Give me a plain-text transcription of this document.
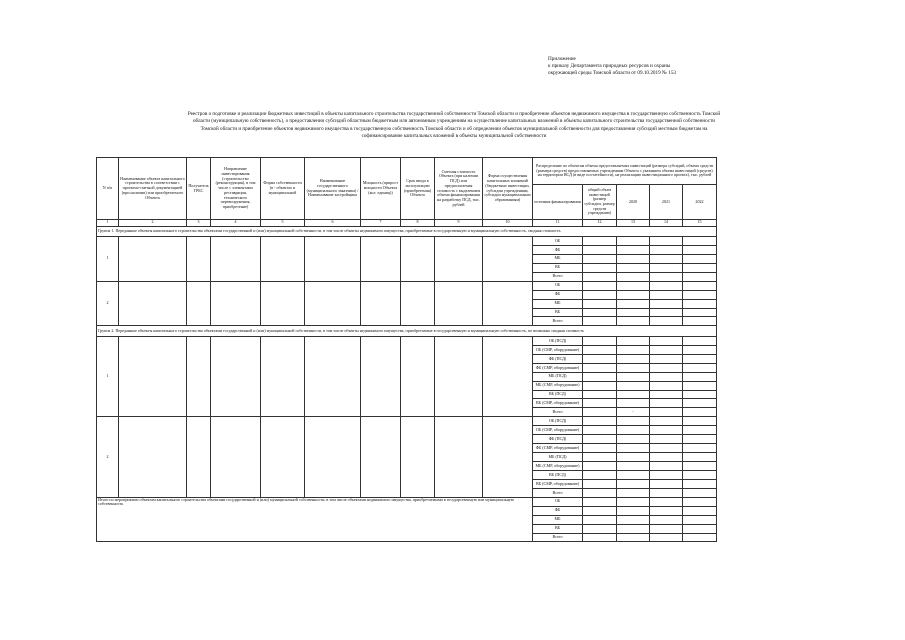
Приложение
к приказу Департамента природных ресурсов и охраны
окружающей среды Томской области от 09.10.2019 № 153
Реестров о подготовке и реализации бюджетных инвестиций в объекты капитального строительства государственной собственности Томской области и приобретение объектов недвижимого имущества в государственную собственность Томской
области (муниципальную собственность), о предоставлении субсидий областным бюджетным или автономным учреждениям на осуществление капитальных вложений в объекты капитального строительства государственной собственности
Томской области и приобретение объектов недвижимого имущества в государственную собственность Томской области и об определении объектов муниципальной собственности для предоставления субсидий местным бюджетам на
софинансирование капитальных вложений в объекты муниципальной собственности
N п/п	Наименование объекта капитального строительства в соответствии с проектно-сметной документацией (при наличии) или приобретаемого Объекта	Получатель ГРБС	Направление инвестирования (строительство (реконструкция), в том числе с элементами реставрации, технического перевооружения, приобретение)	Форма собственности (в - объектах и муниципальной	Наименование государственного (муниципального заказчика) / Наименование застройщика	Мощность (прирост мощности Объекта (кол. единиц))	Срок ввода в эксплуатацию (приобретения) Объекта	Сметная стоимость Объекта (при наличии ПСД) или предполагаемая стоимость с выделением объема финансирования на разработку ПСД, тыс. рублей	Форма осуществления капитальных вложений (бюджетные инвестиции, субсидии учреждениям, субсидии муниципальным образованиям)	Распределение по объектам объема предоставляемых инвестиций (размера субсидий, объема средств (размера средств) предоставляемых учреждениям Объекта с указанием объема инвестиций (средств) на территории ВСД (в виде постатейности), на реализацию инвестиционного проекта), тыс. рублей				
										источник финансирования	общий объем инвестиций (размер субсидии, размер средств учреждению)	2020	2021	2022

1	2	3	4	5	6	7	8	9	10	11	12	13	14	15
Группа 1. Переданные объекты капитального строительства объектами государственной и (или) муниципальной собственности, в том числе объекты недвижимого имущества, приобретаемые в государственную и муниципальную собственность, сводная стоимость														
1										ОБ				
										ФБ				
										МБ				
										ВБ				
										Всего				
2										ОБ				
										ФБ				
										МБ				
										ВБ				
										Всего				
Группа 2. Переданные объекты капитального строительства объектами государственной и (или) муниципальной собственности, в том числе объекты недвижимого имущества, приобретаемые в государственную и муниципальную собственность, по возможно сводная стоимость														
1										ОБ (ПСД)				
										ОБ (СМР, оборудование)				
										ФБ (ПСД)				
										ФБ (СМР, оборудование)				
										МБ (ПСД)				
										МБ (СМР, оборудование)				
										ВБ (ПСД)				
										ВБ (СМР, оборудование)				
										Всего		-		
2										ОБ (ПСД)				
										ОБ (СМР, оборудование)				
										ФБ (ПСД)				
										ФБ (СМР, оборудование)				
										МБ (ПСД)				
										МБ (СМР, оборудование)				
										ВБ (ПСД)				
										ВБ (СМР, оборудование)				
										Всего				
Итого по мероприятию объектам капитального строительства объектами государственной и (или) муниципальной собственности, в том числе объектами недвижимого имущества, приобретаемыми в государственную или муниципальную собственность										ОБ				
										ФБ				
										МБ				
										ВБ				
										Всего				
